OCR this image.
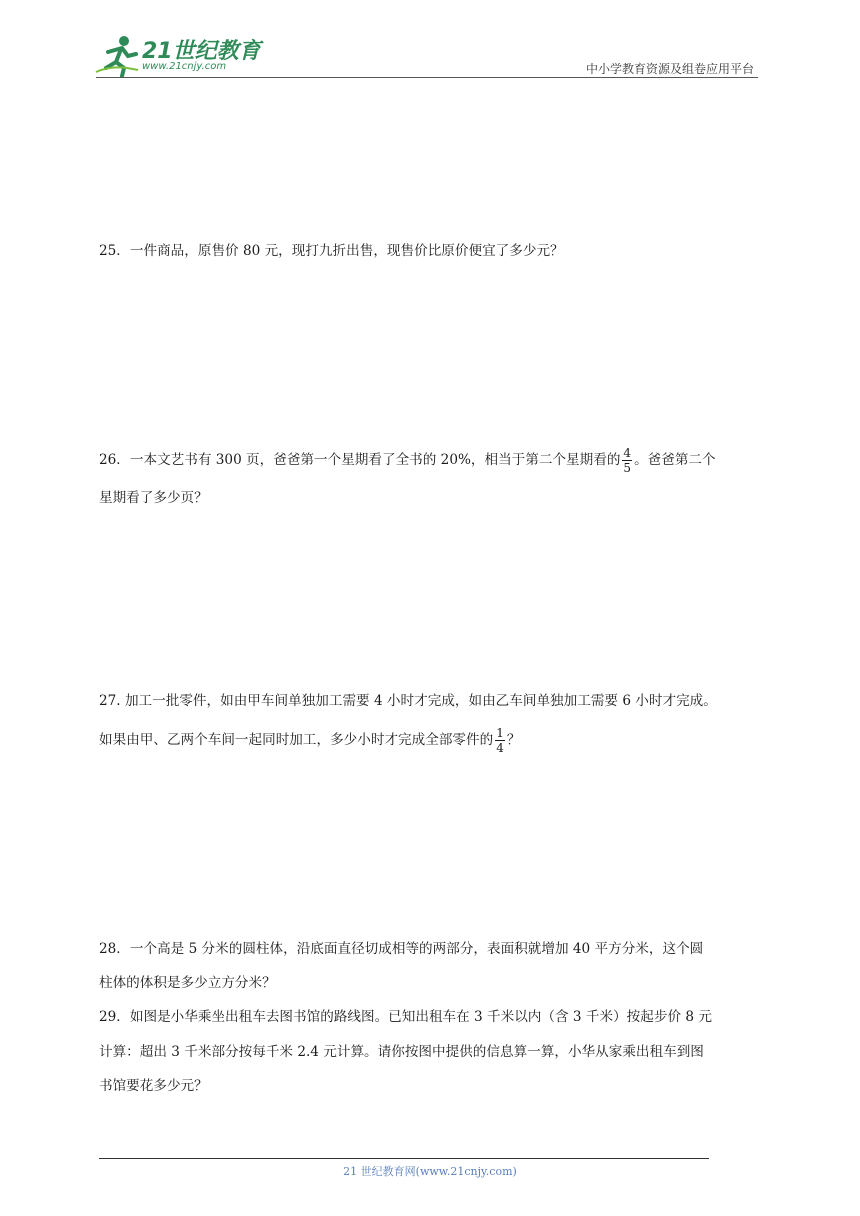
21世纪教育
www.21cnjy.com	中小学教育资源及组卷应用平台
25．一件商品，原售价 80 元，现打九折出售，现售价比原价便宜了多少元？
26．一本文艺书有 300 页，爸爸第一个星期看了全书的 20%，相当于第二个星期看的 $\frac{4}{5}$ 。爸爸第二个
星期看了多少页？
27. 加工一批零件，如由甲车间单独加工需要 4 小时才完成，如由乙车间单独加工需要 6 小时才完成。
如果由甲、乙两个车间一起同时加工，多少小时才完成全部零件的 $\frac{1}{4}$ ？
28．一个高是 5 分米的圆柱体，沿底面直径切成相等的两部分，表面积就增加 40 平方分米，这个圆
柱体的体积是多少立方分米？
29．如图是小华乘坐出租车去图书馆的路线图。已知出租车在 3 千米以内（含 3 千米）按起步价 8 元
计算：超出 3 千米部分按每千米 2.4 元计算。请你按图中提供的信息算一算，小华从家乘出租车到图
书馆要花多少元？
21 世纪教育网(www.21cnjy.com)
